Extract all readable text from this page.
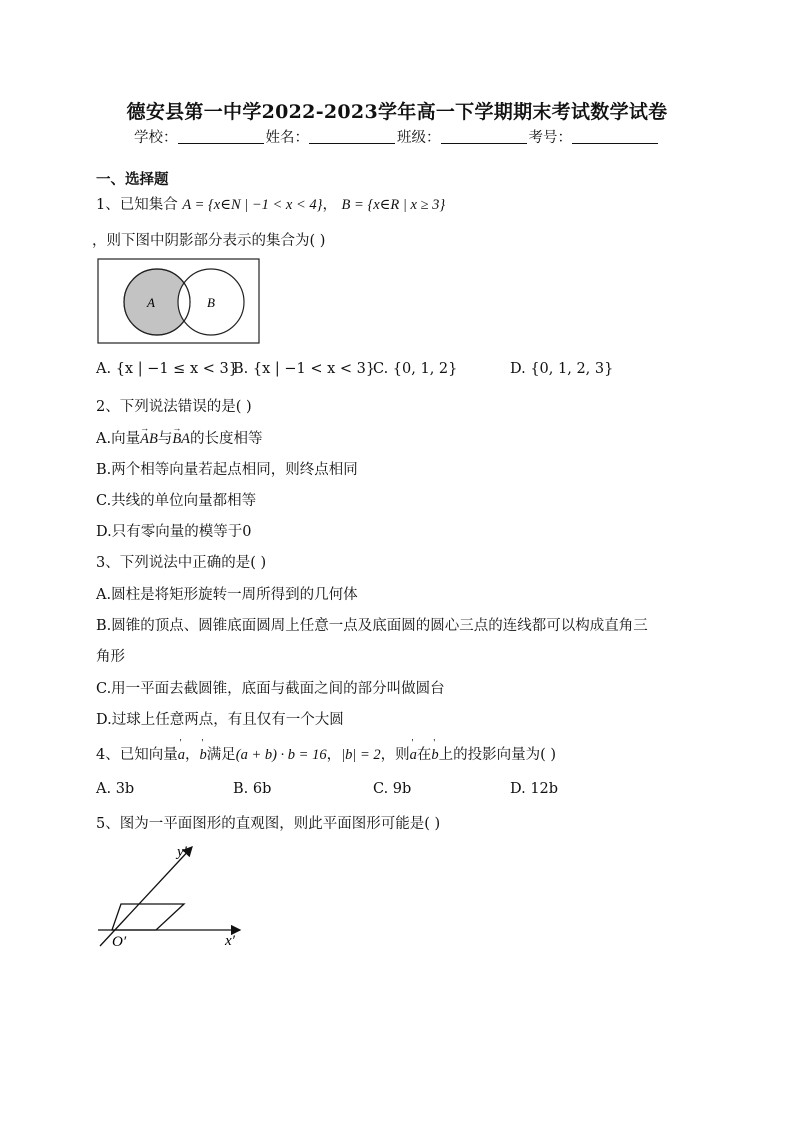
德安县第一中学2022-2023学年高一下学期期末考试数学试卷
学校：	姓名：	班级：	考号：
一、选择题
1、已知集合 A = {x∈N | −1 < x < 4}， B = {x∈R | x ≥ 3}
，则下图中阴影部分表示的集合为( )
A	B
A. {x | −1 ≤ x < 3}
B. {x | −1 < x < 3}
C. {0, 1, 2}	D. {0, 1, 2, 3}
2、下列说法错误的是( )
A.向量→ AB与→ BA的长度相等
B.两个相等向量若起点相同，则终点相同
C.共线的单位向量都相等
D.只有零向量的模等于0
3、下列说法中正确的是( )
A.圆柱是将矩形旋转一周所得到的几何体
B.圆锥的顶点、圆锥底面圆周上任意一点及底面圆的圆心三点的连线都可以构成直角三
角形
C.用一平面去截圆锥，底面与截面之间的部分叫做圆台
D.过球上任意两点，有且仅有一个大圆
4、已知向量' a，' b满足(a + b) · b = 16，|b| = 2，则' a在' b上的投影向量为( )
A. 3b	B. 6b	C. 9b	D. 12b
5、图为一平面图形的直观图，则此平面图形可能是( )
y′
x′
O′
